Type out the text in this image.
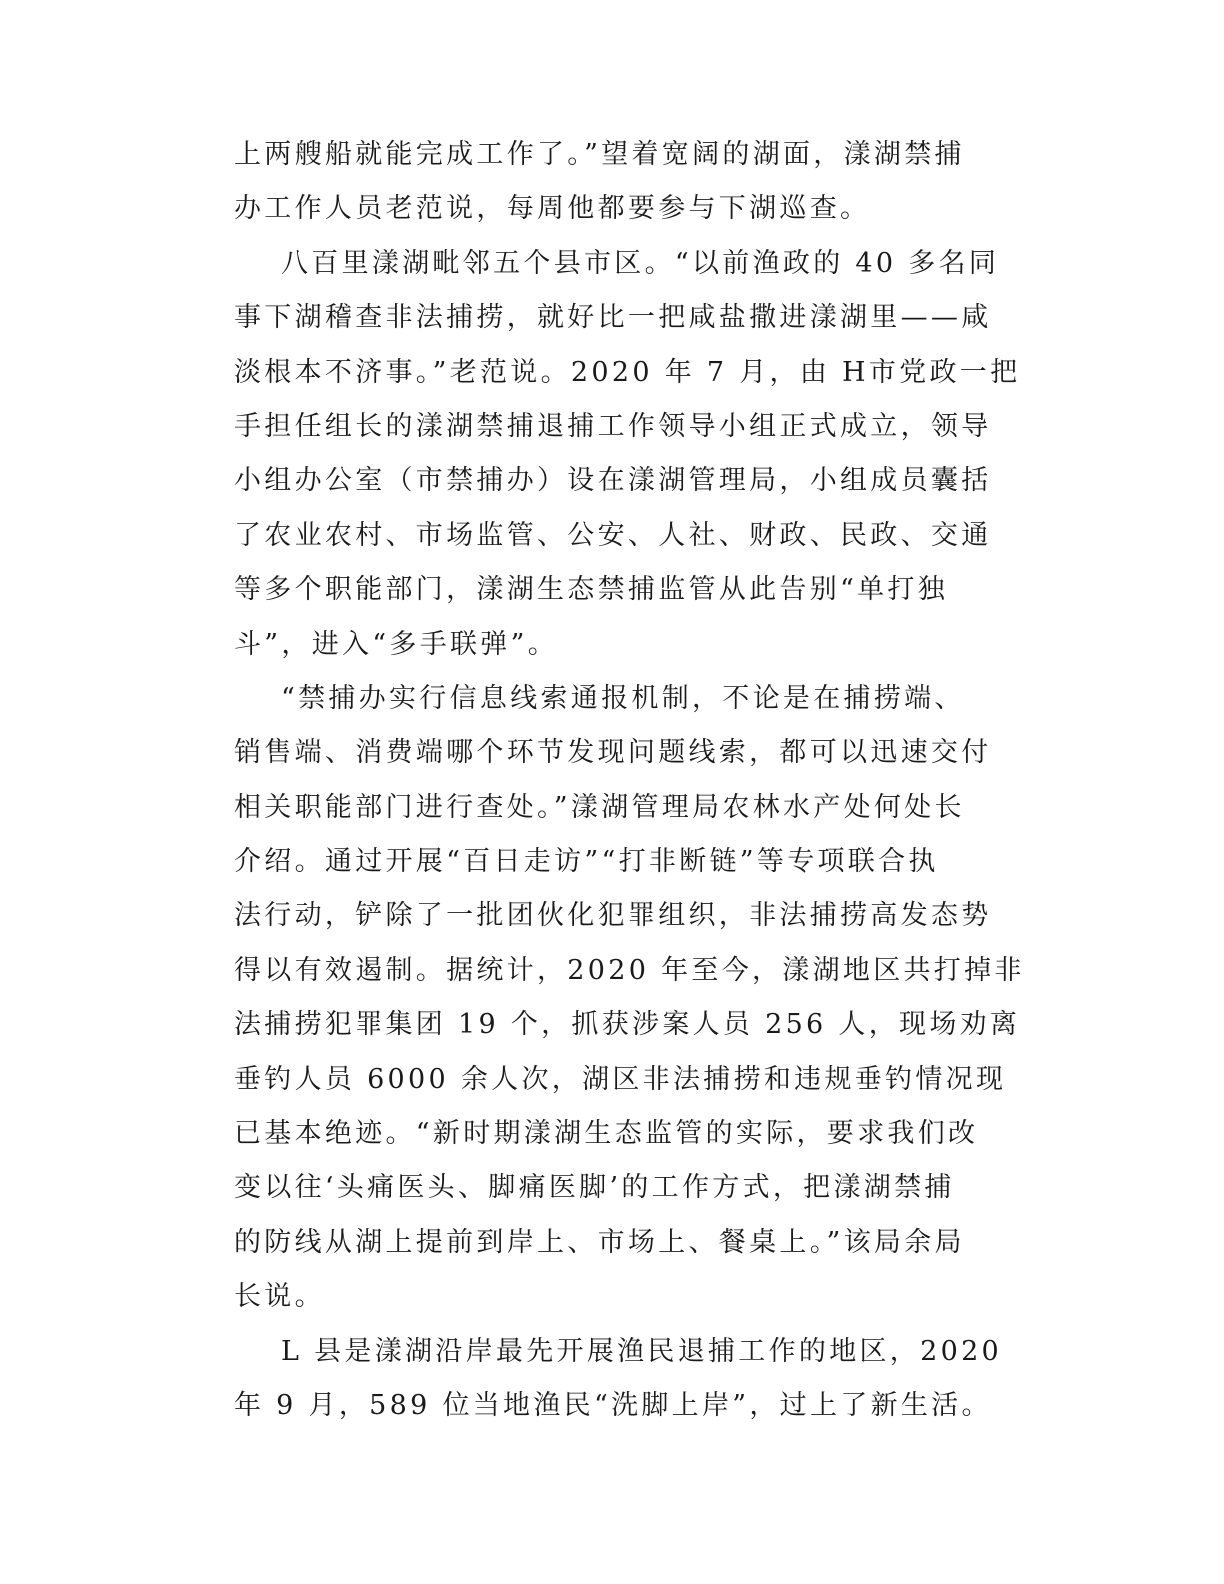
上两艘船就能完成工作了。”望着宽阔的湖面，漾湖禁捕
办工作人员老范说，每周他都要参与下湖巡查。
八百里漾湖毗邻五个县市区。“以前渔政的 40 多名同
事下湖稽查非法捕捞，就好比一把咸盐撒进漾湖里——咸
淡根本不济事。”老范说。2020 年 7 月，由 H市党政一把
手担任组长的漾湖禁捕退捕工作领导小组正式成立，领导
小组办公室（市禁捕办）设在漾湖管理局，小组成员囊括
了农业农村、市场监管、公安、人社、财政、民政、交通
等多个职能部门，漾湖生态禁捕监管从此告别“单打独
斗”，进入“多手联弹”。
“禁捕办实行信息线索通报机制，不论是在捕捞端、
销售端、消费端哪个环节发现问题线索，都可以迅速交付
相关职能部门进行查处。”漾湖管理局农林水产处何处长
介绍。通过开展“百日走访”“打非断链”等专项联合执
法行动，铲除了一批团伙化犯罪组织，非法捕捞高发态势
得以有效遏制。据统计，2020 年至今，漾湖地区共打掉非
法捕捞犯罪集团 19 个，抓获涉案人员 256 人，现场劝离
垂钓人员 6000 余人次，湖区非法捕捞和违规垂钓情况现
已基本绝迹。“新时期漾湖生态监管的实际，要求我们改
变以往‘头痛医头、脚痛医脚’的工作方式，把漾湖禁捕
的防线从湖上提前到岸上、市场上、餐桌上。”该局余局
长说。
L 县是漾湖沿岸最先开展渔民退捕工作的地区，2020
年 9 月，589 位当地渔民“洗脚上岸”，过上了新生活。
